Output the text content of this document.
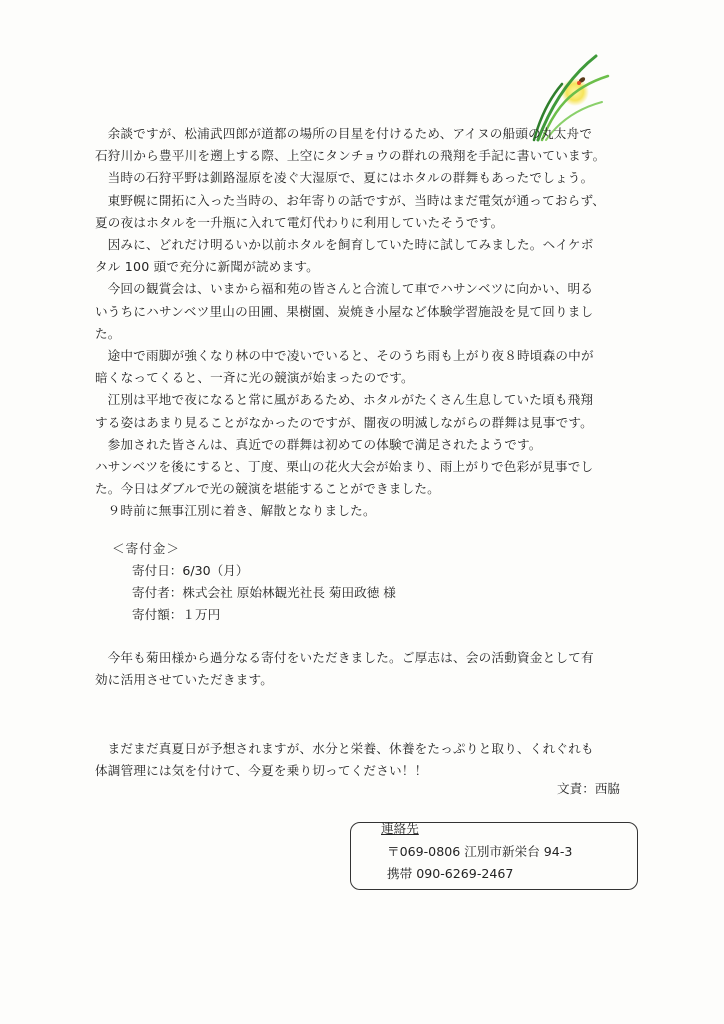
余談ですが、松浦武四郎が道都の場所の目星を付けるため、アイヌの船頭の丸太舟で
石狩川から豊平川を遡上する際、上空にタンチョウの群れの飛翔を手記に書いています。

当時の石狩平野は釧路湿原を凌ぐ大湿原で、夏にはホタルの群舞もあったでしょう。

東野幌に開拓に入った当時の、お年寄りの話ですが、当時はまだ電気が通っておらず、
夏の夜はホタルを一升瓶に入れて電灯代わりに利用していたそうです。

因みに、どれだけ明るいか以前ホタルを飼育していた時に試してみました。ヘイケボ
タル 100 頭で充分に新聞が読めます。

今回の観賞会は、いまから福和苑の皆さんと合流して車でハサンベツに向かい、明る
いうちにハサンベツ里山の田圃、果樹園、炭焼き小屋など体験学習施設を見て回りまし
た。

途中で雨脚が強くなり林の中で凌いでいると、そのうち雨も上がり夜８時頃森の中が
暗くなってくると、一斉に光の競演が始まったのです。

江別は平地で夜になると常に風があるため、ホタルがたくさん生息していた頃も飛翔
する姿はあまり見ることがなかったのですが、闇夜の明滅しながらの群舞は見事です。

参加された皆さんは、真近での群舞は初めての体験で満足されたようです。

ハサンベツを後にすると、丁度、栗山の花火大会が始まり、雨上がりで色彩が見事でし
た。今日はダブルで光の競演を堪能することができました。

９時前に無事江別に着き、解散となりました。

＜寄付金＞

寄付日：6/30（月）

寄付者：株式会社 原始林観光社長 菊田政徳 様

寄付額：１万円

今年も菊田様から過分なる寄付をいただきました。ご厚志は、会の活動資金として有
効に活用させていただきます。

まだまだ真夏日が予想されますが、水分と栄養、休養をたっぷりと取り、くれぐれも
体調管理には気を付けて、今夏を乗り切ってください！！

文責：西脇
連絡先
〒069-0806 江別市新栄台 94-3
携帯 090-6269-2467
